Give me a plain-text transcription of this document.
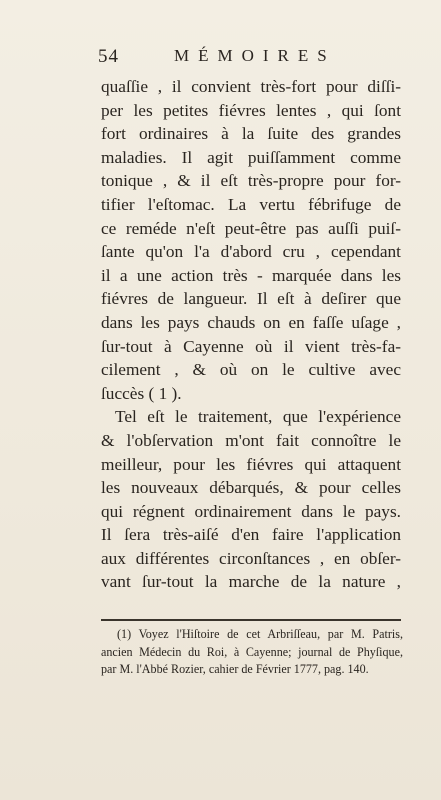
54	MÉMOIRES
quaſſie , il convient très-fort pour diſſi-
per les petites fiévres lentes , qui ſont
fort ordinaires à la ſuite des grandes
maladies. Il agit puiſſamment comme
tonique , & il eſt très-propre pour for-
tifier l'eſtomac. La vertu fébrifuge de
ce reméde n'eſt peut-être pas auſſi puiſ-
ſante qu'on l'a d'abord cru , cependant
il a une action très - marquée dans les
fiévres de langueur. Il eſt à deſirer que
dans les pays chauds on en faſſe uſage ,
ſur-tout à Cayenne où il vient très-fa-
cilement , & où on le cultive avec
ſuccès ( 1 ).
Tel eſt le traitement, que l'expérience
& l'obſervation m'ont fait connoître le
meilleur, pour les fiévres qui attaquent
les nouveaux débarqués, & pour celles
qui régnent ordinairement dans le pays.
Il ſera très-aiſé d'en faire l'application
aux différentes circonſtances , en obſer-
vant ſur-tout la marche de la nature ,
(1) Voyez l'Hiſtoire de cet Arbriſſeau, par M. Patris,
ancien Médecin du Roi, à Cayenne; journal de Phyſique,
par M. l'Abbé Rozier, cahier de Février 1777, pag. 140.
